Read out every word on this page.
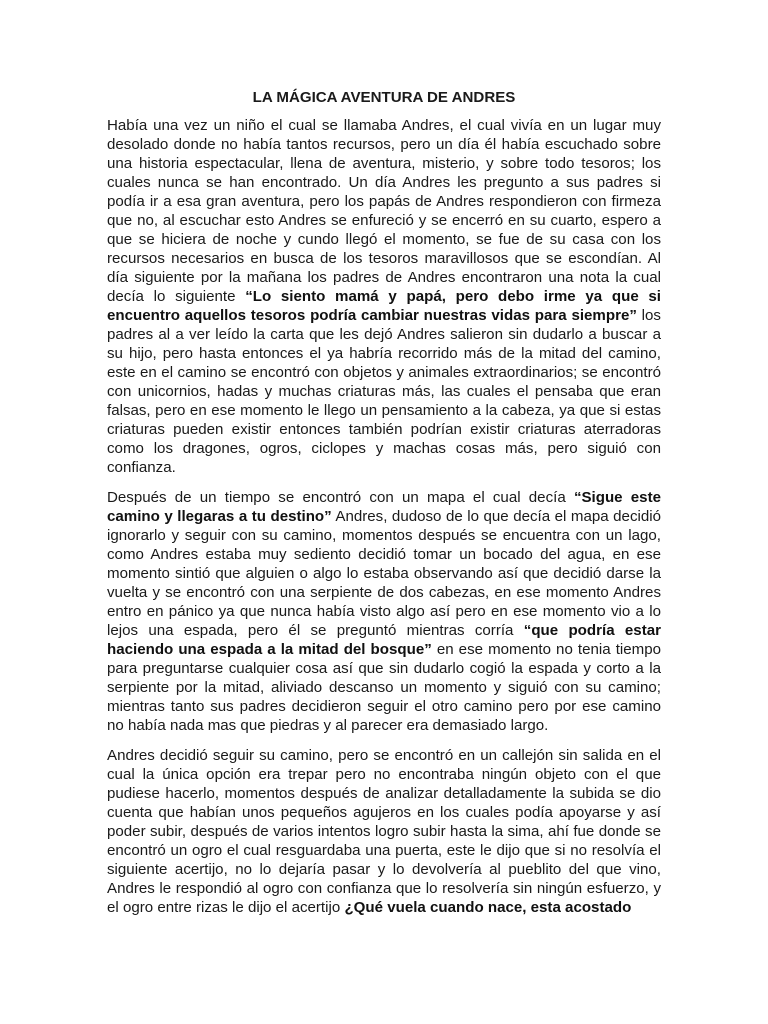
LA MÁGICA AVENTURA DE ANDRES

Había una vez un niño el cual se llamaba Andres, el cual vivía en un lugar muy desolado donde no había tantos recursos, pero un día él había escuchado sobre una historia espectacular, llena de aventura, misterio, y sobre todo tesoros; los cuales nunca se han encontrado. Un día Andres les pregunto a sus padres si podía ir a esa gran aventura, pero los papás de Andres respondieron con firmeza que no, al escuchar esto Andres se enfureció y se encerró en su cuarto, espero a que se hiciera de noche y cundo llegó el momento, se fue de su casa con los recursos necesarios en busca de los tesoros maravillosos que se escondían. Al día siguiente por la mañana los padres de Andres encontraron una nota la cual decía lo siguiente “Lo siento mamá y papá, pero debo irme ya que si encuentro aquellos tesoros podría cambiar nuestras vidas para siempre” los padres al a ver leído la carta que les dejó Andres salieron sin dudarlo a buscar a su hijo, pero hasta entonces el ya habría recorrido más de la mitad del camino, este en el camino se encontró con objetos y animales extraordinarios; se encontró con unicornios, hadas y muchas criaturas más, las cuales el pensaba que eran falsas, pero en ese momento le llego un pensamiento a la cabeza, ya que si estas criaturas pueden existir entonces también podrían existir criaturas aterradoras como los dragones, ogros, ciclopes y machas cosas más, pero siguió con confianza.

Después de un tiempo se encontró con un mapa el cual decía “Sigue este camino y llegaras a tu destino” Andres, dudoso de lo que decía el mapa decidió ignorarlo y seguir con su camino, momentos después se encuentra con un lago, como Andres estaba muy sediento decidió tomar un bocado del agua, en ese momento sintió que alguien o algo lo estaba observando así que decidió darse la vuelta y se encontró con una serpiente de dos cabezas, en ese momento Andres entro en pánico ya que nunca había visto algo así pero en ese momento vio a lo lejos una espada, pero él se preguntó mientras corría “que podría estar haciendo una espada a la mitad del bosque” en ese momento no tenia tiempo para preguntarse cualquier cosa así que sin dudarlo cogió la espada y corto a la serpiente por la mitad, aliviado descanso un momento y siguió con su camino; mientras tanto sus padres decidieron seguir el otro camino pero por ese camino no había nada mas que piedras y al parecer era demasiado largo.

Andres decidió seguir su camino, pero se encontró en un callejón sin salida en el cual la única opción era trepar pero no encontraba ningún objeto con el que pudiese hacerlo, momentos después de analizar detalladamente la subida se dio cuenta que habían unos pequeños agujeros en los cuales podía apoyarse y así poder subir, después de varios intentos logro subir hasta la sima, ahí fue donde se encontró un ogro el cual resguardaba una puerta, este le dijo que si no resolvía el siguiente acertijo, no lo dejaría pasar y lo devolvería al pueblito del que vino, Andres le respondió al ogro con confianza que lo resolvería sin ningún esfuerzo, y el ogro entre rizas le dijo el acertijo ¿Qué vuela cuando nace, esta acostado
